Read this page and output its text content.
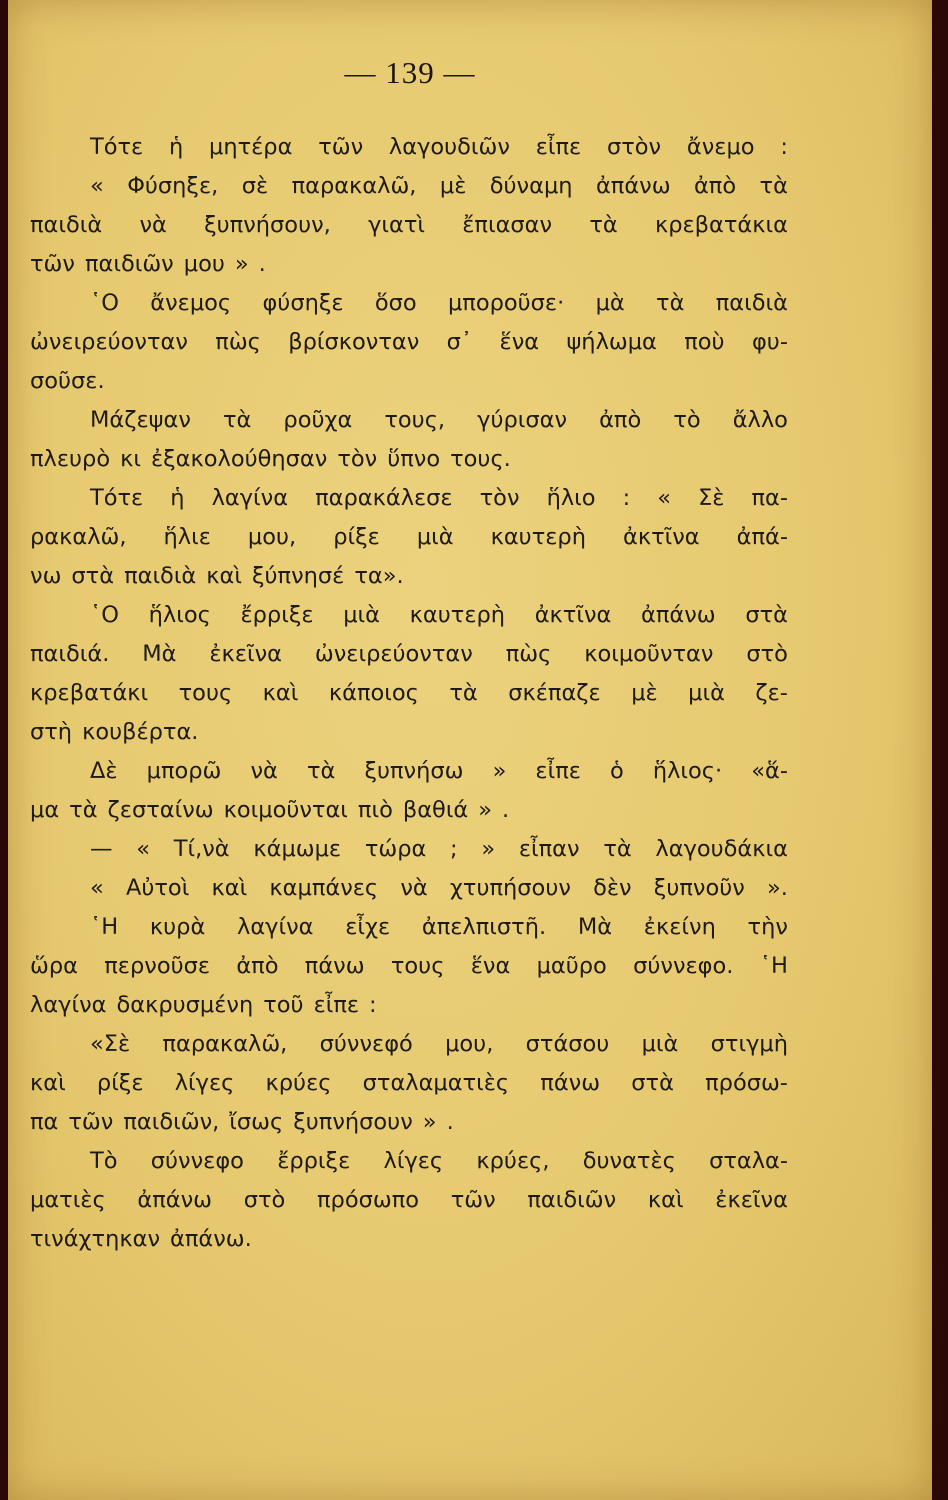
— 139 —
Τότε ἡ μητέρα τῶν λαγουδιῶν εἶπε στὸν ἄνεμο :
« Φύσηξε, σὲ παρακαλῶ, μὲ δύναμη ἀπάνω ἀπὸ τὰ
παιδιὰ νὰ ξυπνήσουν, γιατὶ ἔπιασαν τὰ κρεβατάκια
τῶν παιδιῶν μου » .
῾Ο ἄνεμος φύσηξε ὅσο μποροῦσε· μὰ τὰ παιδιὰ
ὠνειρεύονταν πὼς βρίσκονταν σ᾿ ἕνα ψήλωμα ποὺ φυ-
σοῦσε.
Μάζεψαν τὰ ροῦχα τους, γύρισαν ἀπὸ τὸ ἄλλο
πλευρὸ κι ἐξακολούθησαν τὸν ὕπνο τους.
Τότε ἡ λαγίνα παρακάλεσε τὸν ἥλιο : « Σὲ πα-
ρακαλῶ, ἥλιε μου, ρίξε μιὰ καυτερὴ ἀκτῖνα ἀπά-
νω στὰ παιδιὰ καὶ ξύπνησέ τα».
῾Ο ἥλιος ἔρριξε μιὰ καυτερὴ ἀκτῖνα ἀπάνω στὰ
παιδιά. Μὰ ἐκεῖνα ὠνειρεύονταν πὼς κοιμοῦνταν στὸ
κρεβατάκι τους καὶ κάποιος τὰ σκέπαζε μὲ μιὰ ζε-
στὴ κουβέρτα.
Δὲ μπορῶ νὰ τὰ ξυπνήσω » εἶπε ὁ ἥλιος· «ἅ-
μα τὰ ζεσταίνω κοιμοῦνται πιὸ βαθιά » .
— « Τί,νὰ κάμωμε τώρα ; » εἶπαν τὰ λαγουδάκια
« Αὐτοὶ καὶ καμπάνες νὰ χτυπήσουν δὲν ξυπνοῦν ».
῾Η κυρὰ λαγίνα εἶχε ἀπελπιστῆ. Μὰ ἐκείνη τὴν
ὥρα περνοῦσε ἀπὸ πάνω τους ἕνα μαῦρο σύννεφο. ῾Η
λαγίνα δακρυσμένη τοῦ εἶπε :
«Σὲ παρακαλῶ, σύννεφό μου, στάσου μιὰ στιγμὴ
καὶ ρίξε λίγες κρύες σταλαματιὲς πάνω στὰ πρόσω-
πα τῶν παιδιῶν, ἴσως ξυπνήσουν » .
Τὸ σύννεφο ἔρριξε λίγες κρύες, δυνατὲς σταλα-
ματιὲς ἀπάνω στὸ πρόσωπο τῶν παιδιῶν καὶ ἐκεῖνα
τινάχτηκαν ἀπάνω.
